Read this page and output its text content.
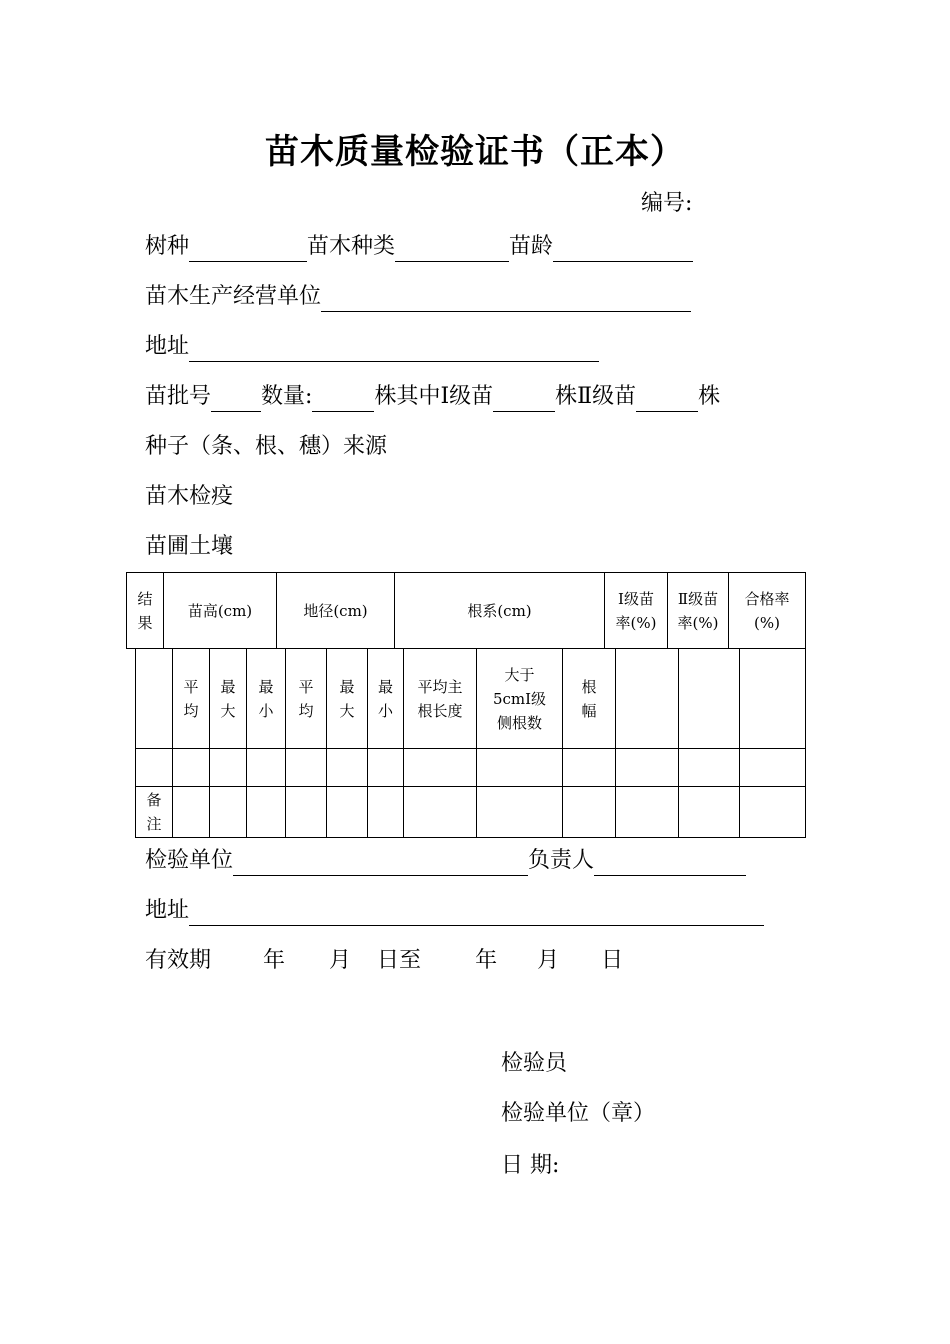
苗木质量检验证书（正本）
编号:
树种	苗木种类	苗龄
苗木生产经营单位
地址
苗批号 数量:	株其中Ⅰ级苗	株Ⅱ级苗	株
种子（条、根、穗）来源
苗木检疫
苗圃土壤
结果	苗高(cm)	地径(cm)	根系(cm)	Ⅰ级苗率(%)	Ⅱ级苗率(%)	合格率(%)
	平均	最大	最小	平均	最大	最小	平均主根长度	大于5cmⅠ级侧根数	根幅			

备注												
检验单位	负责人
地址
有效期 年 月 日至 年 月 日
检验员
检验单位（章）
日 期:
